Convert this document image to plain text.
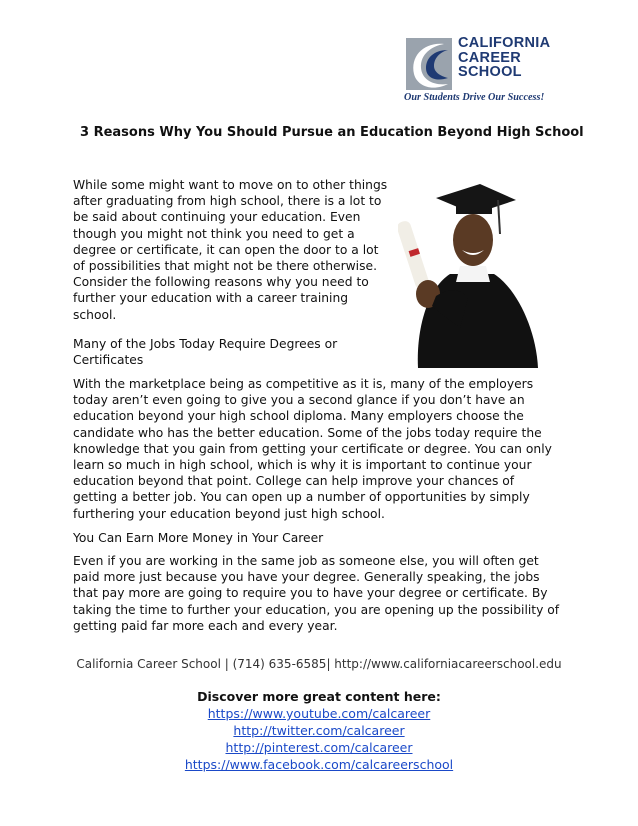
CALIFORNIA
CAREER
SCHOOL
Our Students Drive Our Success!
3 Reasons Why You Should Pursue an Education Beyond High School

While some might want to move on to other things after graduating from high school, there is a lot to be said about continuing your education. Even though you might not think you need to get a degree or certificate, it can open the door to a lot of possibilities that might not be there otherwise. Consider the following reasons why you need to further your education with a career training school.

Many of the Jobs Today Require Degrees or Certificates

With the marketplace being as competitive as it is, many of the employers today aren’t even going to give you a second glance if you don’t have an education beyond your high school diploma. Many employers choose the candidate who has the better education. Some of the jobs today require the knowledge that you gain from getting your certificate or degree. You can only learn so much in high school, which is why it is important to continue your education beyond that point. College can help improve your chances of getting a better job. You can open up a number of opportunities by simply furthering your education beyond just high school.

You Can Earn More Money in Your Career

Even if you are working in the same job as someone else, you will often get paid more just because you have your degree. Generally speaking, the jobs that pay more are going to require you to have your degree or certificate. By taking the time to further your education, you are opening up the possibility of getting paid far more each and every year.

California Career School | (714) 635-6585| http://www.californiacareerschool.edu
Discover more great content here:
https://www.youtube.com/calcareer
http://twitter.com/calcareer
http://pinterest.com/calcareer
https://www.facebook.com/calcareerschool
